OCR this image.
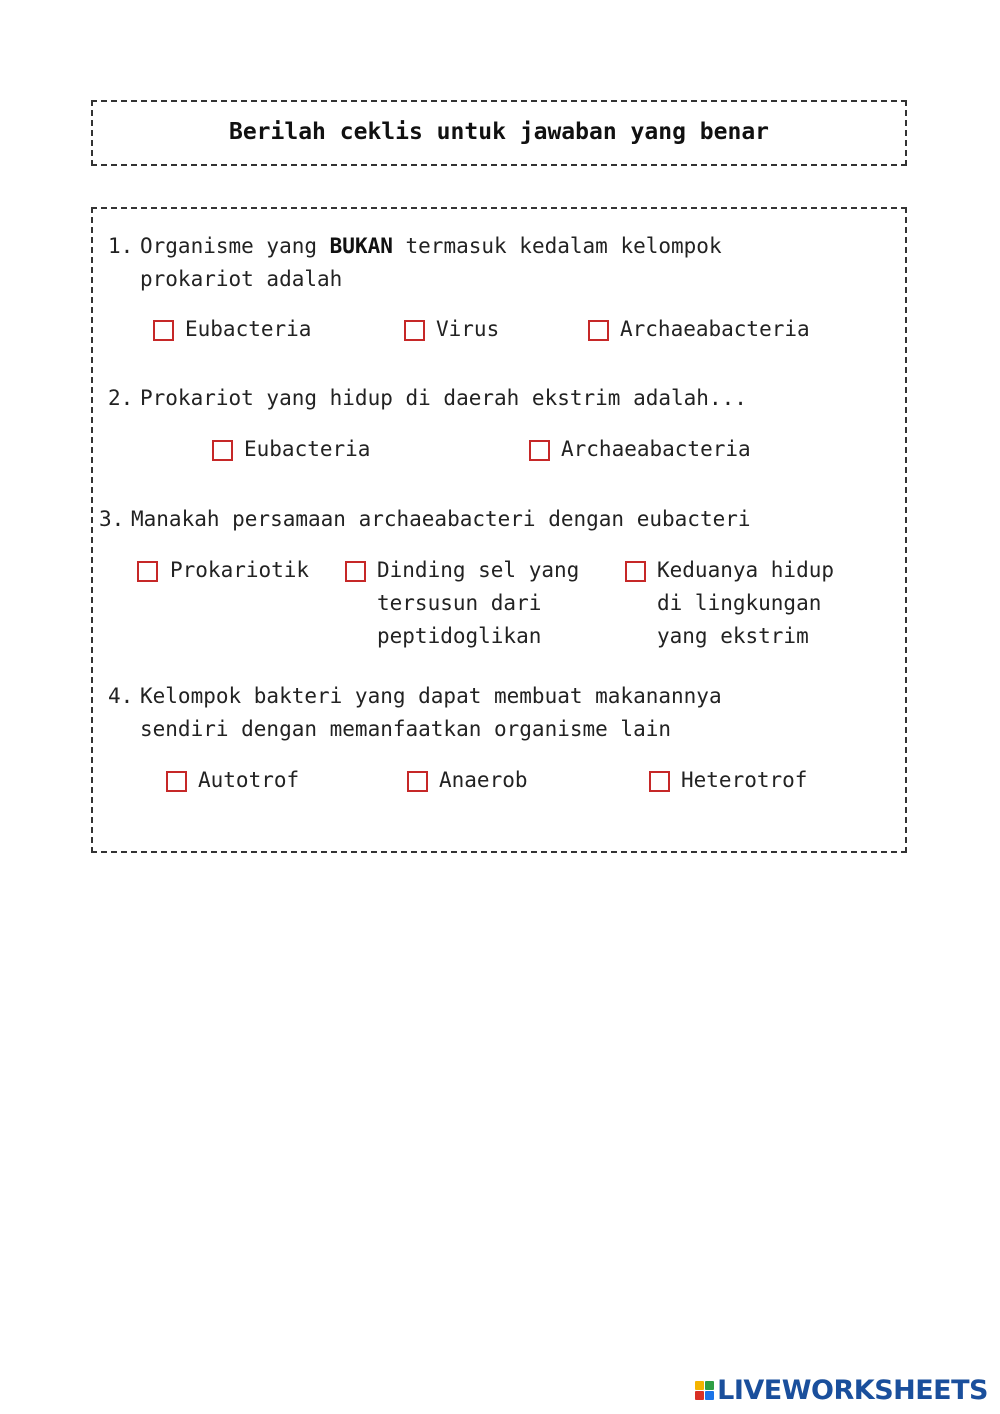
Berilah ceklis untuk jawaban yang benar
1. Organisme yang BUKAN termasuk kedalam kelompok
prokariot adalah
Eubacteria	Virus	Archaeabacteria
2. Prokariot yang hidup di daerah ekstrim adalah...
Eubacteria	Archaeabacteria
3. Manakah persamaan archaeabacteri dengan eubacteri
Prokariotik	Dinding sel yang
tersusun dari
peptidoglikan
Keduanya hidup
di lingkungan
yang ekstrim
4. Kelompok bakteri yang dapat membuat makanannya
sendiri dengan memanfaatkan organisme lain
Autotrof	Anaerob	Heterotrof
LIVEWORKSHEETS
